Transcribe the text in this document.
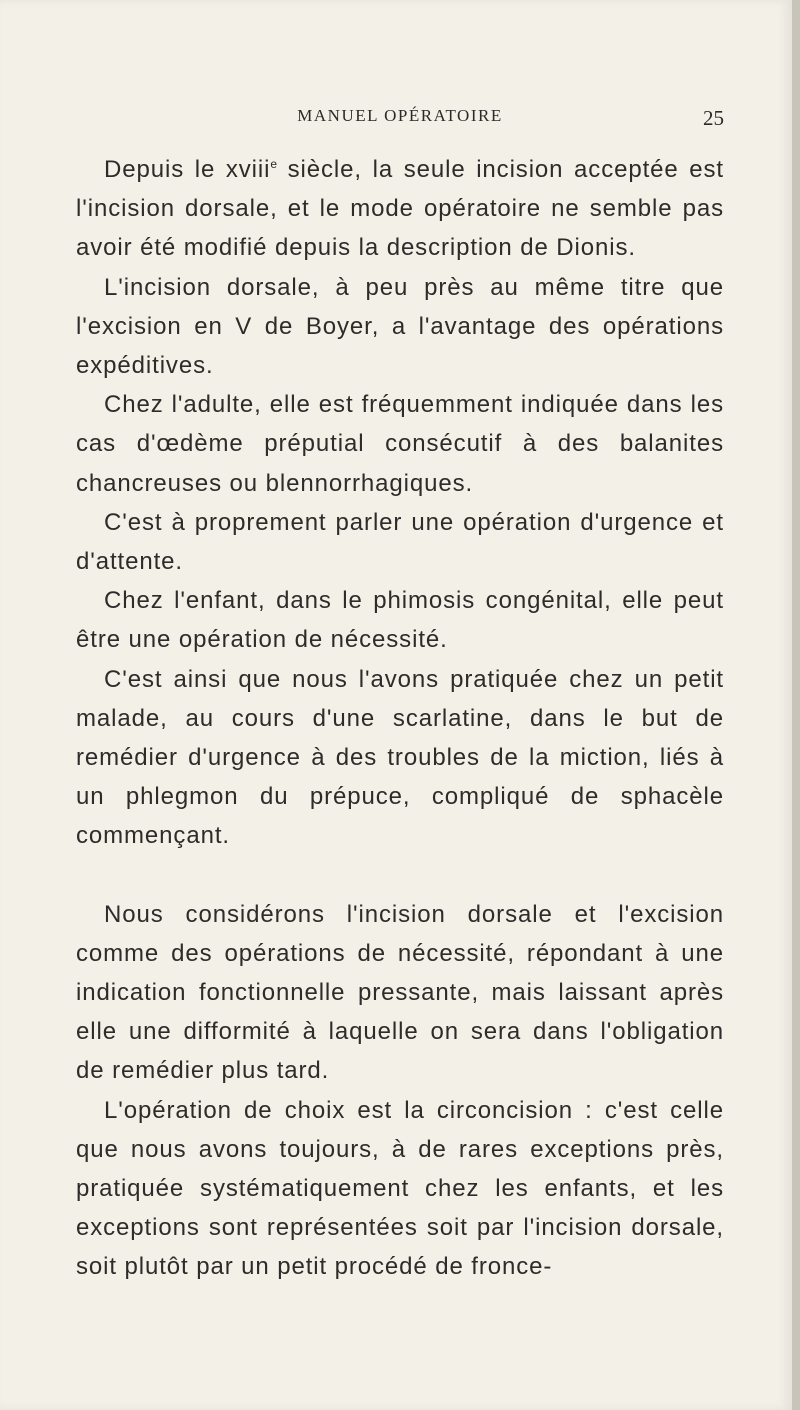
MANUEL OPÉRATOIRE	25

Depuis le xviii$^e$ siècle, la seule incision acceptée est l'incision dorsale, et le mode opératoire ne semble pas avoir été modifié depuis la description de Dionis.

L'incision dorsale, à peu près au même titre que l'excision en V de Boyer, a l'avantage des opérations expéditives.

Chez l'adulte, elle est fréquemment indiquée dans les cas d'œdème préputial consécutif à des balanites chancreuses ou blennorrhagiques.

C'est à proprement parler une opération d'urgence et d'attente.

Chez l'enfant, dans le phimosis congénital, elle peut être une opération de nécessité.

C'est ainsi que nous l'avons pratiquée chez un petit malade, au cours d'une scarlatine, dans le but de remédier d'urgence à des troubles de la miction, liés à un phlegmon du prépuce, compliqué de sphacèle commençant.

Nous considérons l'incision dorsale et l'excision comme des opérations de nécessité, répondant à une indication fonctionnelle pressante, mais laissant après elle une difformité à laquelle on sera dans l'obligation de remédier plus tard.

L'opération de choix est la circoncision : c'est celle que nous avons toujours, à de rares exceptions près, pratiquée systématiquement chez les enfants, et les exceptions sont représentées soit par l'incision dorsale, soit plutôt par un petit procédé de fronce-
